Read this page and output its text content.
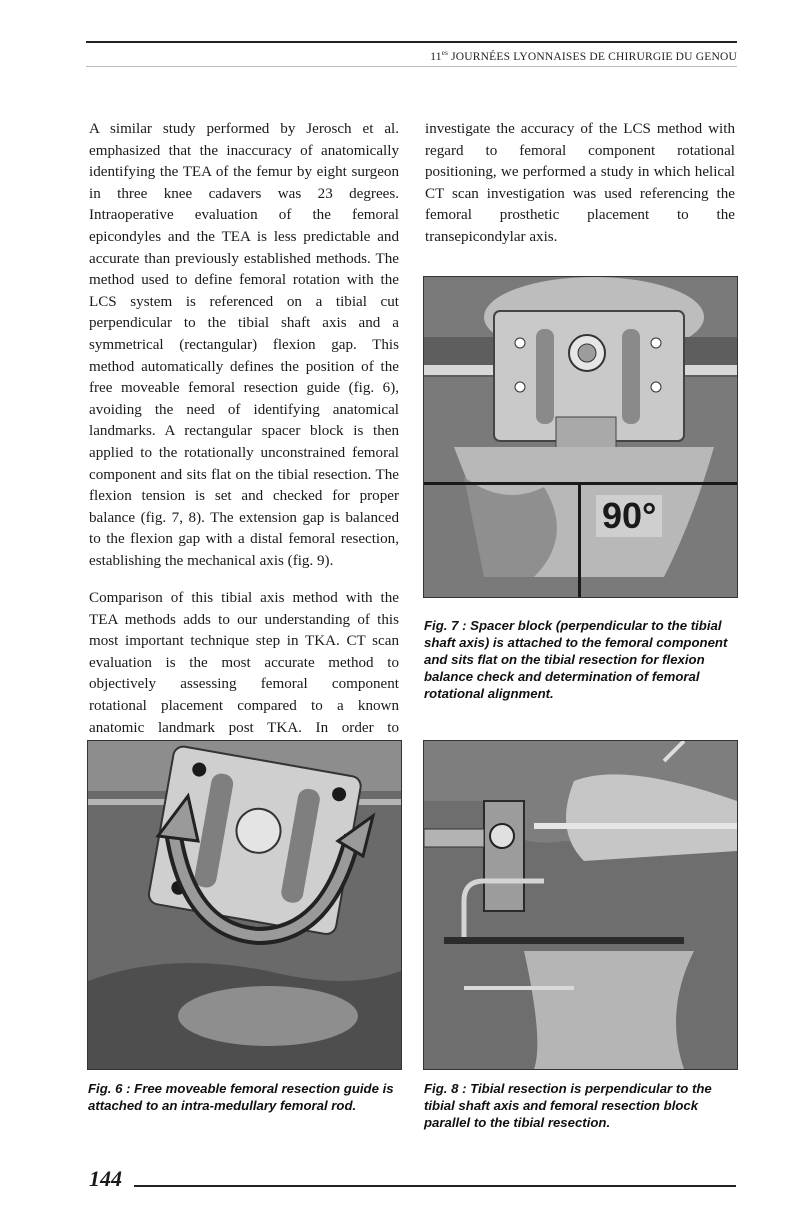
$11^{es}$ JOURNÉES LYONNAISES DE CHIRURGIE DU GENOU

A similar study performed by Jerosch et al. emphasized that the inaccuracy of anatomically identifying the TEA of the femur by eight surgeon in three knee cadavers was 23 degrees. Intraoperative evaluation of the femoral epicondyles and the TEA is less predictable and accurate than previously established methods. The method used to define femoral rotation with the LCS system is referenced on a tibial cut perpendicular to the tibial shaft axis and a symmetrical (rectangular) flexion gap. This method automatically defines the position of the free moveable femoral resection guide (fig. 6), avoiding the need of identifying anatomical landmarks. A rectangular spacer block is then applied to the rotationally unconstrained femoral component and sits flat on the tibial resection. The flexion tension is set and checked for proper balance (fig. 7, 8). The extension gap is balanced to the flexion gap with a distal femoral resection, establishing the mechanical axis (fig. 9).

Comparison of this tibial axis method with the TEA methods adds to our understanding of this most important technique step in TKA. CT scan evaluation is the most accurate method to objectively assessing femoral component rotational placement compared to a known anatomic landmark post TKA. In order to

investigate the accuracy of the LCS method with regard to femoral component rotational positioning, we performed a study in which helical CT scan investigation was used referencing the femoral prosthetic placement to the transepicondylar axis.

90°
Fig. 7 : Spacer block (perpendicular to the tibial shaft axis) is attached to the femoral component and sits flat on the tibial resection for flexion balance check and determination of femoral rotational alignment.
Fig. 6 : Free moveable femoral resection guide is attached to an intra-medullary femoral rod.
Fig. 8 : Tibial resection is perpendicular to the tibial shaft axis and femoral resection block parallel to the tibial resection.
144
